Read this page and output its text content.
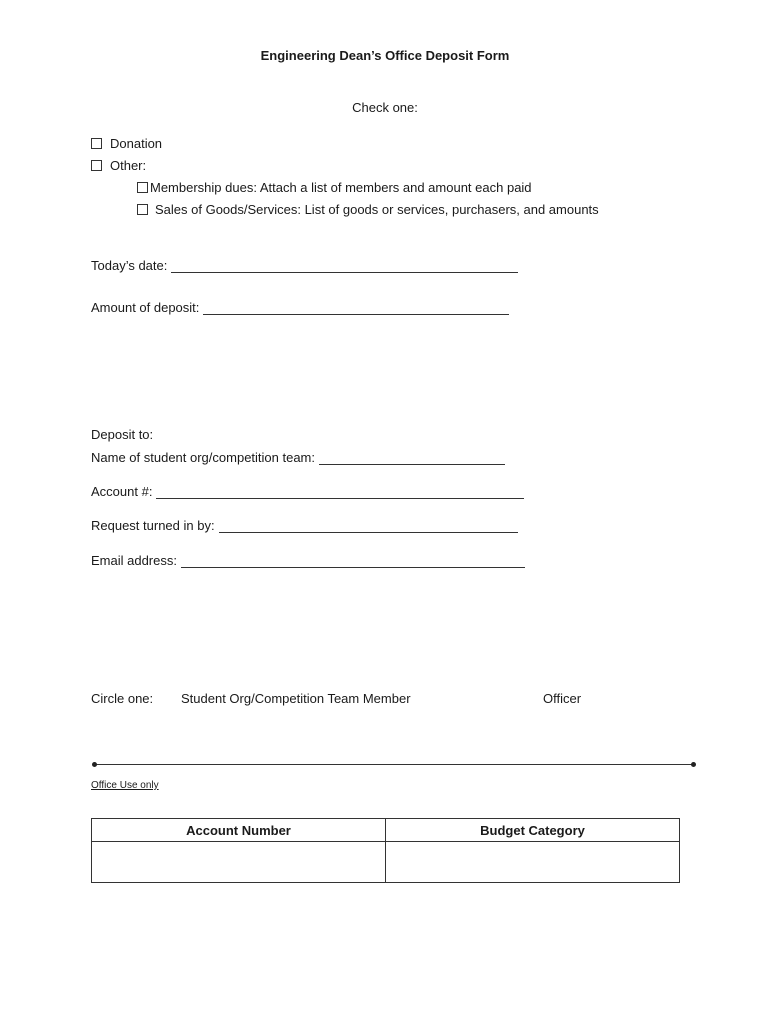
Engineering Dean’s Office Deposit Form
Check one:
Donation
Other:
Membership dues: Attach a list of members and amount each paid
Sales of Goods/Services: List of goods or services, purchasers, and amounts
Today’s date:
Amount of deposit:
Deposit to:
Name of student org/competition team:
Account #:
Request turned in by:
Email address:
Circle one: Student Org/Competition Team Member	Officer
Office Use only
Account Number	Budget Category
